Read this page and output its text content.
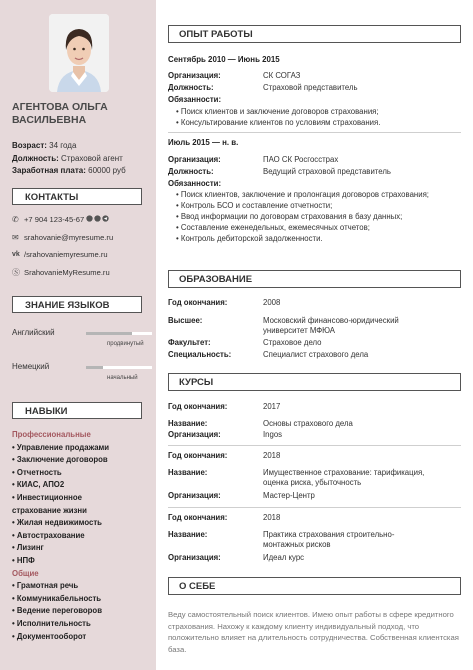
АГЕНТОВА ОЛЬГА ВАСИЛЬЕВНА
Возраст: 34 года
Должность: Страховой агент
Заработная плата: 60000 руб
КОНТАКТЫ
✆ +7 904 123-45-67
✉ srahovanie@myresume.ru
vk /srahovaniemyresume.ru
Ⓢ SrahovanieMyResume.ru
ЗНАНИЕ ЯЗЫКОВ
Английский
продвинутый
Немецкий
начальный
НАВЫКИ
Профессиональные
• Управление продажами
• Заключение договоров
• Отчетность
• КИАС, АПО2
• Инвестиционное страхование жизни
• Жилая недвижимость
• Автострахование
• Лизинг
• НПФ
Общие
• Грамотная речь
• Коммуникабельность
• Ведение переговоров
• Исполнительность
• Документооборот
ОПЫТ РАБОТЫ
Сентябрь 2010 — Июнь 2015
Организация:	СК СОГАЗ
Должность:	Страховой представитель
Обязанности:
• Поиск клиентов и заключение договоров страхования;
• Консультирование клиентов по условиям страхования.
Июль 2015 — н. в.
Организация:	ПАО СК Росгосстрах
Должность:	Ведущий страховой представитель
Обязанности:
• Поиск клиентов, заключение и пролонгация договоров страхования;
• Контроль БСО и составление отчетности;
• Ввод информации по договорам страхования в базу данных;
• Составление еженедельных, ежемесячных отчетов;
• Контроль дебиторской задолженности.
ОБРАЗОВАНИЕ
Год окончания:	2008
Высшее:	Московский финансово-юридический университет МФЮА
Факультет:	Страховое дело
Специальность:	Специалист страхового дела
КУРСЫ
Год окончания:	2017
Название:	Основы страхового дела
Организация:	Ingos
Год окончания:	2018
Название:	Имущественное страхование: тарификация, оценка риска, убыточность
Организация:	Мастер-Центр
Год окончания:	2018
Название:	Практика страхования строительно-монтажных рисков
Организация:	Идеал курс
О СЕБЕ
Веду самостоятельный поиск клиентов. Имею опыт работы в сфере кредитного страхования. Нахожу к каждому клиенту индивидуальный подход, что положительно влияет на длительность сотрудничества. Собственная клиентская база.
